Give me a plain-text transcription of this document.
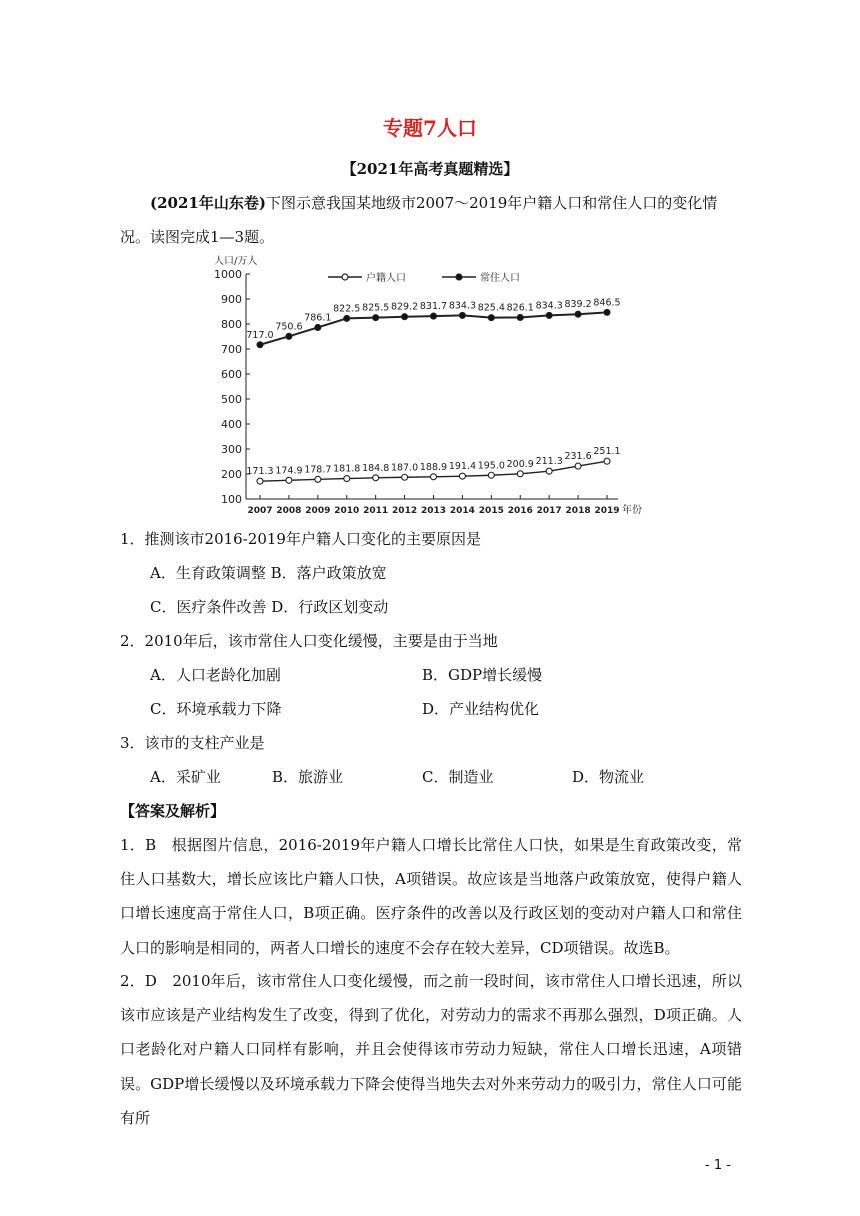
专题7人口
【2021年高考真题精选】

(2021年山东卷)下图示意我国某地级市2007～2019年户籍人口和常住人口的变化情况。读图完成1—3题。

100
200
300
400
500
600
700
800
900
1000
2007 2008 2009 2010 2011 2012 2013 2014 2015 2016 2017 2018 2019
人口/万人
年份
户籍人口	常住人口
171.3 174.9 178.7 181.8 184.8 187.0 188.9 191.4 195.0 200.9 211.3 231.6 251.1
717.0
750.6
786.1
822.5 825.5 829.2 831.7 834.3 825.4 826.1 834.3 839.2 846.5
1．推测该市2016-2019年户籍人口变化的主要原因是
A．生育政策调整 B．落户政策放宽
C．医疗条件改善 D．行政区划变动
2．2010年后，该市常住人口变化缓慢，主要是由于当地
A．人口老龄化加剧	B．GDP增长缓慢
C．环境承载力下降	D．产业结构优化
3．该市的支柱产业是
A．采矿业	B．旅游业	C．制造业	D．物流业
【答案及解析】

1．B　根据图片信息，2016-2019年户籍人口增长比常住人口快，如果是生育政策改变，常住人口基数大，增长应该比户籍人口快，A项错误。故应该是当地落户政策放宽，使得户籍人口增长速度高于常住人口，B项正确。医疗条件的改善以及行政区划的变动对户籍人口和常住人口的影响是相同的，两者人口增长的速度不会存在较大差异，CD项错误。故选B。

2．D　2010年后，该市常住人口变化缓慢，而之前一段时间，该市常住人口增长迅速，所以该市应该是产业结构发生了改变，得到了优化，对劳动力的需求不再那么强烈，D项正确。人口老龄化对户籍人口同样有影响，并且会使得该市劳动力短缺，常住人口增长迅速，A项错误。GDP增长缓慢以及环境承载力下降会使得当地失去对外来劳动力的吸引力，常住人口可能有所

- 1 -
